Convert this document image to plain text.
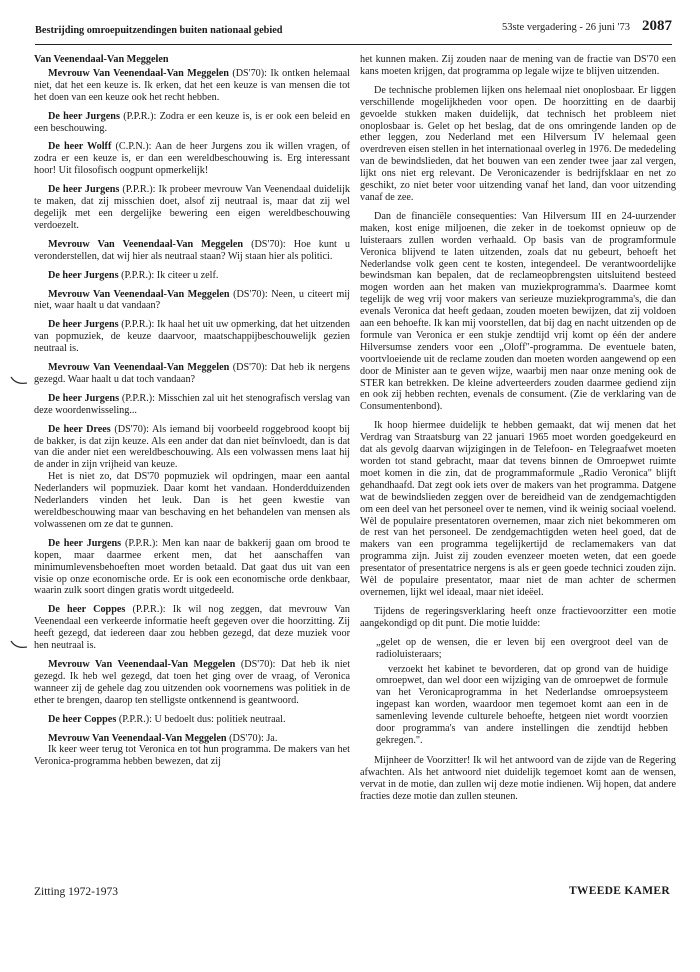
Bestrijding omroepuitzendingen buiten nationaal gebied	53ste vergadering - 26 juni '73 2087
Van Veenendaal-Van Meggelen

Mevrouw Van Veenendaal-Van Meggelen (DS'70): Ik ontken helemaal niet, dat het een keuze is. Ik erken, dat het een keuze is van mensen die tot het doen van een keuze ook het recht hebben.

De heer Jurgens (P.P.R.): Zodra er een keuze is, is er ook een beleid en een beschouwing.

De heer Wolff (C.P.N.): Aan de heer Jurgens zou ik willen vragen, of zodra er een keuze is, er dan een wereldbeschouwing is. Erg interessant hoor! Uit filosofisch oogpunt opmerkelijk!

De heer Jurgens (P.P.R.): Ik probeer mevrouw Van Veenendaal duidelijk te maken, dat zij misschien doet, alsof zij neutraal is, maar dat zij wel degelijk met een dergelijke bewering een eigen wereldbeschouwing verdoezelt.

Mevrouw Van Veenendaal-Van Meggelen (DS'70): Hoe kunt u veronderstellen, dat wij hier als neutraal staan? Wij staan hier als politici.

De heer Jurgens (P.P.R.): Ik citeer u zelf.

Mevrouw Van Veenendaal-Van Meggelen (DS'70): Neen, u citeert mij niet, waar haalt u dat vandaan?

De heer Jurgens (P.P.R.): Ik haal het uit uw opmerking, dat het uitzenden van popmuziek, de keuze daarvoor, maatschappijbeschouwelijk gezien neutraal is.

Mevrouw Van Veenendaal-Van Meggelen (DS'70): Dat heb ik nergens gezegd. Waar haalt u dat toch vandaan?

De heer Jurgens (P.P.R.): Misschien zal uit het stenografisch verslag van deze woordenwisseling...

De heer Drees (DS'70): Als iemand bij voorbeeld roggebrood koopt bij de bakker, is dat zijn keuze. Als een ander dat dan niet beïnvloedt, dan is dat van die ander niet een wereldbeschouwing. Als een volwassen mens laat hij de ander in zijn vrijheid van keuze.

Het is niet zo, dat DS'70 popmuziek wil opdringen, maar een aantal Nederlanders wil popmuziek. Daar komt het vandaan. Honderdduizenden Nederlanders vinden het leuk. Dan is het geen kwestie van wereldbeschouwing maar van beschaving en het behandelen van mensen als volwassenen om ze dat te gunnen.

De heer Jurgens (P.P.R.): Men kan naar de bakkerij gaan om brood te kopen, maar daarmee erkent men, dat het aanschaffen van minimumlevensbehoeften moet worden betaald. Dat gaat dus uit van een visie op onze economische orde. Er is ook een economische orde denkbaar, waarin zulk soort dingen gratis wordt uitgedeeld.

De heer Coppes (P.P.R.): Ik wil nog zeggen, dat mevrouw Van Veenendaal een verkeerde informatie heeft gegeven over die hoorzitting. Zij heeft gezegd, dat iedereen daar zou hebben gezegd, dat deze muziek voor hen neutraal is.

Mevrouw Van Veenendaal-Van Meggelen (DS'70): Dat heb ik niet gezegd. Ik heb wel gezegd, dat toen het ging over de vraag, of Veronica wanneer zij de gehele dag zou uitzenden ook voornemens was politiek in de ether te brengen, daarop ten stelligste ontkennend is geantwoord.

De heer Coppes (P.P.R.): U bedoelt dus: politiek neutraal.

Mevrouw Van Veenendaal-Van Meggelen (DS'70): Ja.

Ik keer weer terug tot Veronica en tot hun programma. De makers van het Veronica-programma hebben bewezen, dat zij

het kunnen maken. Zij zouden naar de mening van de fractie van DS'70 een kans moeten krijgen, dat programma op legale wijze te blijven uitzenden.

De technische problemen lijken ons helemaal niet onoplosbaar. Er liggen verschillende mogelijkheden voor open. De hoorzitting en de daarbij gevoelde stukken maken duidelijk, dat technisch het probleem niet onoplosbaar is. Gelet op het beslag, dat de ons omringende landen op de ether leggen, zou Nederland met een Hilversum IV helemaal geen overdreven eisen stellen in het internationaal overleg in 1976. De mededeling van de bewindslieden, dat het bouwen van een zender twee jaar zal vergen, lijkt ons niet erg relevant. De Veronicazender is bedrijfsklaar en net zo geschikt, zo niet beter voor uitzending vanaf het land, dan voor uitzending vanaf de zee.

Dan de financiële consequenties: Van Hilversum III en 24-uurzender maken, kost enige miljoenen, die zeker in de toekomst opnieuw op de luisteraars zullen worden verhaald. Op basis van de programformule Veronica blijvend te laten uitzenden, zoals dat nu gebeurt, behoeft het Nederlandse volk geen cent te kosten, integendeel. De verantwoordelijke bewindsman kan bepalen, dat de reclameopbrengsten uitsluitend besteed mogen worden aan het maken van muziekprogramma's. Daarmee komt tegelijk de weg vrij voor makers van serieuze muziekprogramma's, die dan evenals Veronica dat heeft gedaan, zouden moeten bewijzen, dat zij voldoen aan een behoefte. Ik kan mij voorstellen, dat bij dag en nacht uitzenden op de formule van Veronica er een stukje zendtijd vrij komt op één der andere Hilversumse zenders voor een „Oloff"-programma. De eventuele baten, voortvloeiende uit de reclame zouden dan moeten worden aangewend op een door de Minister aan te geven wijze, waarbij men naar onze mening ook de STER kan betrekken. De kleine adverteerders zouden daarmee gediend zijn en ook zij hebben rechten, evenals de consument. (Zie de verklaring van de Consumentenbond).

Ik hoop hiermee duidelijk te hebben gemaakt, dat wij menen dat het Verdrag van Straatsburg van 22 januari 1965 moet worden goedgekeurd en dat als gevolg daarvan wijzigingen in de Telefoon- en Telegraafwet moeten worden tot stand gebracht, maar dat tevens binnen de Omroepwet ruimte moet komen in die zin, dat de programmaformule „Radio Veronica" blijft gehandhaafd. Dat zegt ook iets over de makers van het programma. Datgene wat de bewindslieden zeggen over de bereidheid van de zendgemachtigden om een deel van het personeel over te nemen, vind ik weinig sociaal voelend. Wèl de populaire presentatoren overnemen, maar zich niet bekommeren om de rest van het personeel. De zendgemachtigden weten heel goed, dat de makers van een programma tegelijkertijd de reclamemakers van dat programma zijn. Juist zij zouden evenzeer moeten weten, dat een goede presentator of presentatrice nergens is als er geen goede technici zouden zijn. Wèl de populaire presentator, maar niet de man achter de schermen overnemen, lijkt wel ideaal, maar niet ideëel.

Tijdens de regeringsverklaring heeft onze fractievoorzitter een motie aangekondigd op dit punt. Die motie luidde:

„gelet op de wensen, die er leven bij een overgroot deel van de radioluisteraars;

verzoekt het kabinet te bevorderen, dat op grond van de huidige omroepwet, dan wel door een wijziging van de omroepwet de formule van het Veronicaprogramma in het Nederlandse omroepsysteem ingepast kan worden, waardoor men tegemoet komt aan een in de samenleving levende culturele behoefte, hetgeen niet wordt voorzien door programma's van andere instellingen die zendtijd hebben gekregen.".

Mijnheer de Voorzitter! Ik wil het antwoord van de zijde van de Regering afwachten. Als het antwoord niet duidelijk tegemoet komt aan de wensen, vervat in de motie, dan zullen wij deze motie indienen. Wij hopen, dat andere fracties deze motie dan zullen steunen.

Zitting 1972-1973	TWEEDE KAMER
